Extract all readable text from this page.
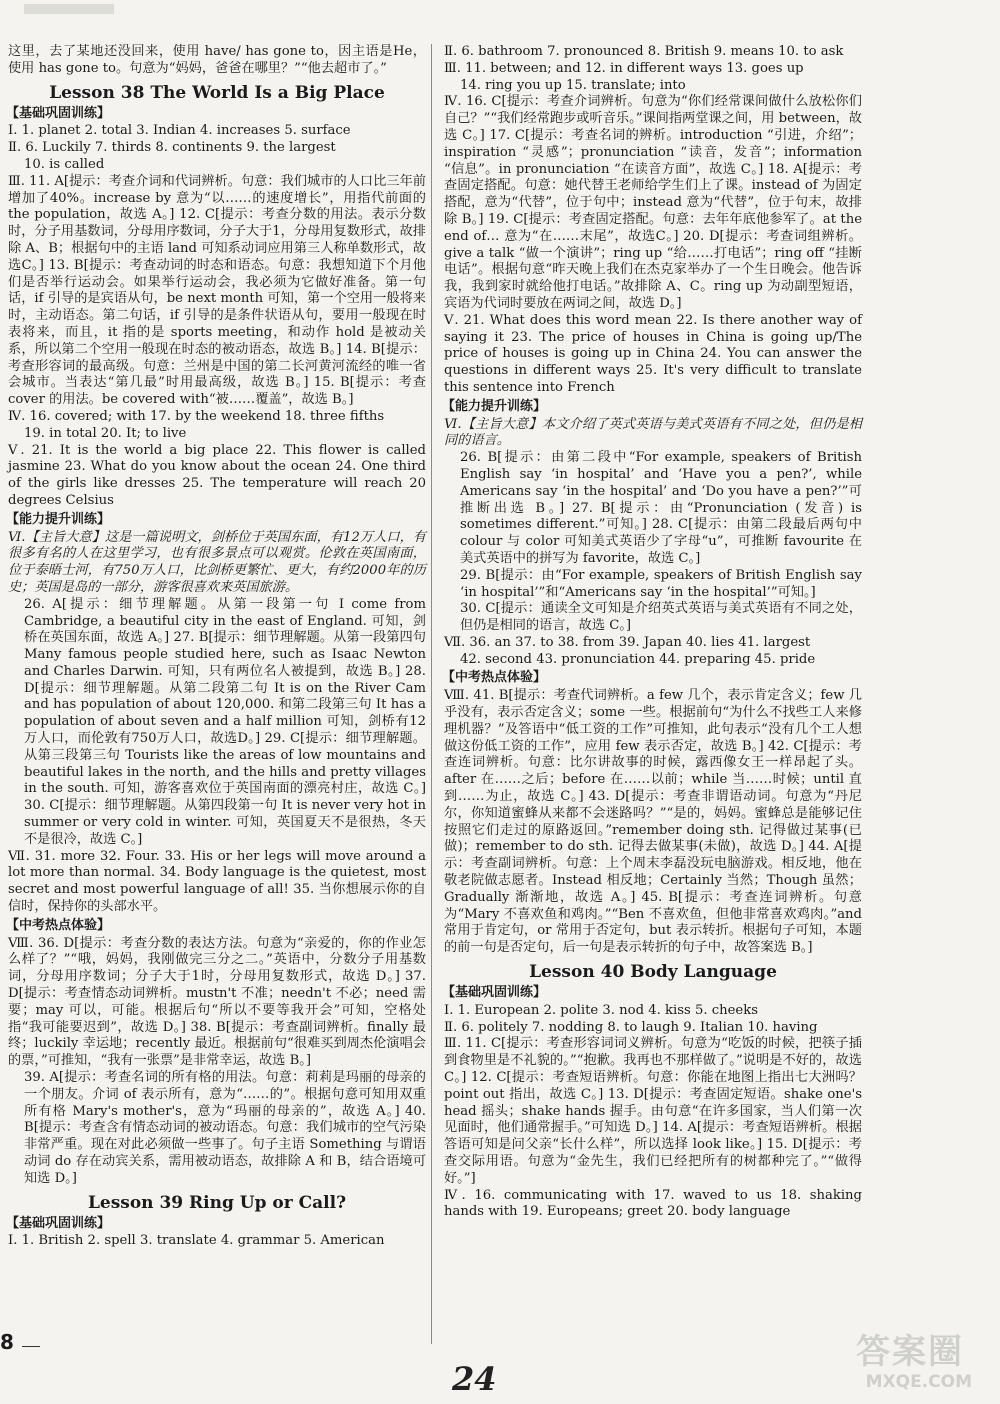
这里，去了某地还没回来，使用 have/ has gone to，因主语是He，使用 has gone to。句意为“妈妈，爸爸在哪里？”“他去超市了。”

Lesson 38 The World Is a Big Place
【基础巩固训练】

Ⅰ. 1. planet 2. total 3. Indian 4. increases 5. surface

Ⅱ. 6. Luckily 7. thirds 8. continents 9. the largest

10. is called

Ⅲ. 11. A[提示：考查介词和代词辨析。句意：我们城市的人口比三年前增加了40%。increase by 意为“以……的速度增长”，用指代前面的 the population，故选 A。] 12. C[提示：考查分数的用法。表示分数时，分子用基数词，分母用序数词，分子大于1，分母用复数形式，故排除 A、B；根据句中的主语 land 可知系动词应用第三人称单数形式，故选C。] 13. B[提示：考查动词的时态和语态。句意：我想知道下个月他们是否举行运动会。如果举行运动会，我必须为它做好准备。第一句话，if 引导的是宾语从句，be next month 可知，第一个空用一般将来时，主动语态。第二句话，if 引导的是条件状语从句，要用一般现在时表将来，而且，it 指的是 sports meeting，和动作 hold 是被动关系，所以第二个空用一般现在时态的被动语态，故选 B。] 14. B[提示：考查形容词的最高级。句意：兰州是中国的第二长河黄河流经的唯一省会城市。当表达“第几最”时用最高级，故选 B。] 15. B[提示：考查 cover 的用法。be covered with“被……覆盖”，故选 B。]

Ⅳ. 16. covered; with 17. by the weekend 18. three fifths

19. in total 20. It; to live

Ⅴ. 21. It is the world a big place 22. This flower is called jasmine 23. What do you know about the ocean 24. One third of the girls like dresses 25. The temperature will reach 20 degrees Celsius

【能力提升训练】

Ⅵ.【主旨大意】这是一篇说明文，剑桥位于英国东面，有12万人口，有很多有名的人在这里学习，也有很多景点可以观赏。伦敦在英国南面，位于泰晤士河，有750万人口，比剑桥更繁忙、更大，有约2000年的历史；英国是岛的一部分，游客很喜欢来英国旅游。

26. A[提示：细节理解题。从第一段第一句 I come from Cambridge, a beautiful city in the east of England. 可知，剑桥在英国东面，故选 A。] 27. B[提示：细节理解题。从第一段第四句 Many famous people studied here, such as Isaac Newton and Charles Darwin. 可知，只有两位名人被提到，故选 B。] 28. D[提示：细节理解题。从第二段第二句 It is on the River Cam and has population of about 120,000. 和第二段第三句 It has a population of about seven and a half million 可知，剑桥有12万人口，而伦敦有750万人口，故选D。] 29. C[提示：细节理解题。从第三段第三句 Tourists like the areas of low mountains and beautiful lakes in the north, and the hills and pretty villages in the south. 可知，游客喜欢位于英国南面的漂亮村庄，故选 C。] 30. C[提示：细节理解题。从第四段第一句 It is never very hot in summer or very cold in winter. 可知，英国夏天不是很热，冬天不是很冷，故选 C。]

Ⅶ. 31. more 32. Four. 33. His or her legs will move around a lot more than normal. 34. Body language is the quietest, most secret and most powerful language of all! 35. 当你想展示你的自信时，保持你的头部水平。

【中考热点体验】

Ⅷ. 36. D[提示：考查分数的表达方法。句意为“亲爱的，你的作业怎么样了？”“哦，妈妈，我刚做完三分之二。”英语中，分数分子用基数词，分母用序数词；分子大于1时，分母用复数形式，故选 D。] 37. D[提示：考查情态动词辨析。mustn't 不准；needn't 不必；need 需要；may 可以，可能。根据后句“所以不要等我开会”可知，空格处指“我可能要迟到”，故选 D。] 38. B[提示：考查副词辨析。finally 最终；luckily 幸运地；recently 最近。根据前句“很难买到周杰伦演唱会的票，”可推知，“我有一张票”是非常幸运，故选 B。]

39. A[提示：考查名词的所有格的用法。句意：莉莉是玛丽的母亲的一个朋友。介词 of 表示所有，意为“……的”。根据句意可知用双重所有格 Mary's mother's，意为“玛丽的母亲的”，故选 A。] 40. B[提示：考查含有情态动词的被动语态。句意：我们城市的空气污染非常严重。现在对此必须做一些事了。句子主语 Something 与谓语动词 do 存在动宾关系，需用被动语态，故排除 A 和 B，结合语境可知选 D。]

Lesson 39 Ring Up or Call?
【基础巩固训练】

Ⅰ. 1. British 2. spell 3. translate 4. grammar 5. American

Ⅱ. 6. bathroom 7. pronounced 8. British 9. means 10. to ask

Ⅲ. 11. between; and 12. in different ways 13. goes up

14. ring you up 15. translate; into

Ⅳ. 16. C[提示：考查介词辨析。句意为“你们经常课间做什么放松你们自己？”“我们经常跑步或听音乐。”课间指两堂课之间，用 between，故选 C。] 17. C[提示：考查名词的辨析。introduction “引进，介绍”；inspiration “灵感”；pronunciation “读音，发音”；information “信息”。in pronunciation “在读音方面”，故选 C。] 18. A[提示：考查固定搭配。句意：她代替王老师给学生们上了课。instead of 为固定搭配，意为“代替”，位于句中；instead 意为“代替”，位于句末，故排除 B。] 19. C[提示：考查固定搭配。句意：去年年底他参军了。at the end of… 意为“在……末尾”，故选C。] 20. D[提示：考查词组辨析。give a talk “做一个演讲”；ring up “给……打电话”；ring off “挂断电话”。根据句意“昨天晚上我们在杰克家举办了一个生日晚会。他告诉我，我到家时就给他打电话。”故排除 A、C。ring up 为动副型短语，宾语为代词时要放在两词之间，故选 D。]

Ⅴ. 21. What does this word mean 22. Is there another way of saying it 23. The price of houses in China is going up/The price of houses is going up in China 24. You can answer the questions in different ways 25. It's very difficult to translate this sentence into French

【能力提升训练】

Ⅵ.【主旨大意】本文介绍了英式英语与美式英语有不同之处，但仍是相同的语言。

26. B[提示：由第二段中“For example, speakers of British English say ‘in hospital’ and ‘Have you a pen?’, while Americans say ‘in the hospital’ and ‘Do you have a pen?’”可推断出选 B。] 27. B[提示：由“Pronunciation (发音) is sometimes different.”可知。] 28. C[提示：由第二段最后两句中 colour 与 color 可知美式英语少了字母“u”，可推断 favourite 在美式英语中的拼写为 favorite，故选 C。]

29. B[提示：由“For example, speakers of British English say ‘in hospital’”和“Americans say ‘in the hospital’”可知。]

30. C[提示：通读全文可知是介绍英式英语与美式英语有不同之处，但仍是相同的语言，故选 C。]

Ⅶ. 36. an 37. to 38. from 39. Japan 40. lies 41. largest

42. second 43. pronunciation 44. preparing 45. pride

【中考热点体验】

Ⅷ. 41. B[提示：考查代词辨析。a few 几个，表示肯定含义；few 几乎没有，表示否定含义；some 一些。根据前句“为什么不找些工人来修理机器？”及答语中“低工资的工作”可推知，此句表示“没有几个工人想做这份低工资的工作”，应用 few 表示否定，故选 B。] 42. C[提示：考查连词辨析。句意：比尔讲故事的时候，露西像女王一样昂起了头。after 在……之后；before 在……以前；while 当……时候；until 直到……为止，故选 C。] 43. D[提示：考查非谓语动词。句意为“丹尼尔，你知道蜜蜂从来都不会迷路吗？”“是的，妈妈。蜜蜂总是能够记住按照它们走过的原路返回。”remember doing sth. 记得做过某事(已做)；remember to do sth. 记得去做某事(未做)，故选 D。] 44. A[提示：考查副词辨析。句意：上个周末李磊没玩电脑游戏。相反地，他在敬老院做志愿者。Instead 相反地；Certainly 当然；Though 虽然；Gradually 渐渐地，故选 A。] 45. B[提示：考查连词辨析。句意为“Mary 不喜欢鱼和鸡肉。”“Ben 不喜欢鱼，但他非常喜欢鸡肉。”and 常用于肯定句，or 常用于否定句，but 表示转折。根据句子可知，本题的前一句是否定句，后一句是表示转折的句子中，故答案选 B。]

Lesson 40 Body Language
【基础巩固训练】

Ⅰ. 1. European 2. polite 3. nod 4. kiss 5. cheeks

Ⅱ. 6. politely 7. nodding 8. to laugh 9. Italian 10. having

Ⅲ. 11. C[提示：考查形容词词义辨析。句意为“吃饭的时候，把筷子插到食物里是不礼貌的。”“抱歉。我再也不那样做了。”说明是不好的，故选 C。] 12. C[提示：考查短语辨析。句意：你能在地图上指出七大洲吗？point out 指出，故选 C。] 13. D[提示：考查固定短语。shake one's head 摇头；shake hands 握手。由句意“在许多国家，当人们第一次见面时，他们通常握手。”可知选 D。] 14. A[提示：考查短语辨析。根据答语可知是问父亲“长什么样”，所以选择 look like。] 15. D[提示：考查交际用语。句意为“金先生，我们已经把所有的树都种完了。”“做得好。”]

Ⅳ. 16. communicating with 17. waved to us 18. shaking hands with 19. Europeans; greet 20. body language

8
24
答案圈
MXQE.COM
